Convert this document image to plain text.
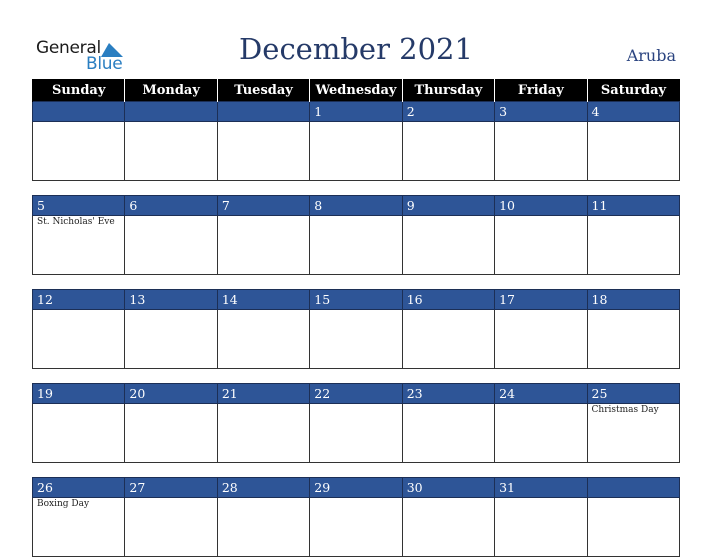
General
Blue	December 2021	Aruba
Sunday	Monday	Tuesday	Wednesday	Thursday	Friday	Saturday
			1	2	3	4

5	6	7	8	9	10	11
St. Nicholas' Eve						

12	13	14	15	16	17	18

19	20	21	22	23	24	25
						Christmas Day

26	27	28	29	30	31	
Boxing Day						
